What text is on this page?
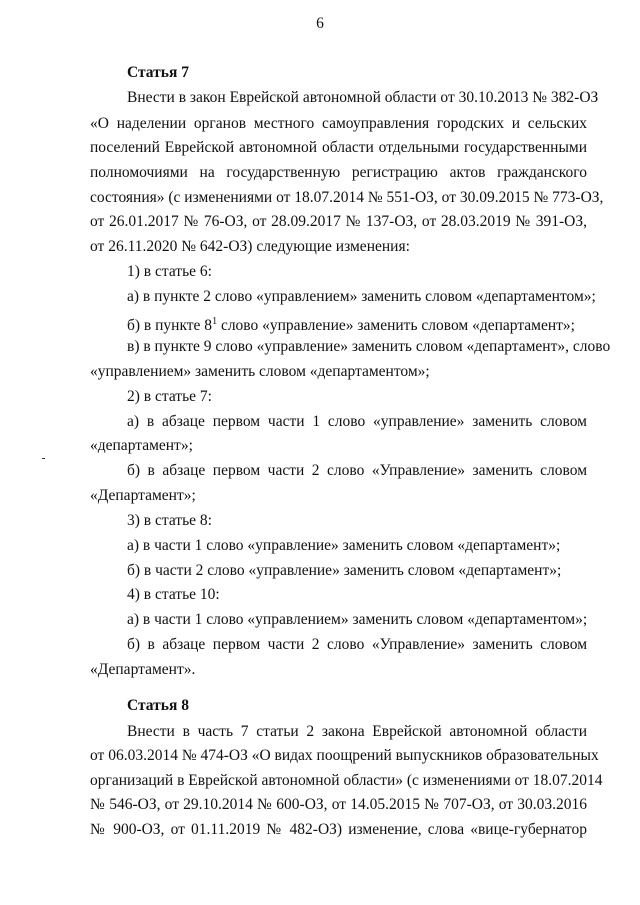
6
Статья 7
Внести в закон Еврейской автономной области от 30.10.2013 № 382-ОЗ
«О наделении органов местного самоуправления городских и сельских
поселений Еврейской автономной области отдельными государственными
полномочиями на государственную регистрацию актов гражданского
состояния» (с изменениями от 18.07.2014 № 551-ОЗ, от 30.09.2015 № 773-ОЗ,
от 26.01.2017 № 76-ОЗ, от 28.09.2017 № 137-ОЗ, от 28.03.2019 № 391-ОЗ,
от 26.11.2020 № 642-ОЗ) следующие изменения:
1) в статье 6:
а) в пункте 2 слово «управлением» заменить словом «департаментом»;
б) в пункте $8^1$ слово «управление» заменить словом «департамент»;
в) в пункте 9 слово «управление» заменить словом «департамент», слово
«управлением» заменить словом «департаментом»;
2) в статье 7:
а) в абзаце первом части 1 слово «управление» заменить словом
«департамент»;
б) в абзаце первом части 2 слово «Управление» заменить словом
«Департамент»;
3) в статье 8:
а) в части 1 слово «управление» заменить словом «департамент»;
б) в части 2 слово «управление» заменить словом «департамент»;
4) в статье 10:
а) в части 1 слово «управлением» заменить словом «департаментом»;
б) в абзаце первом части 2 слово «Управление» заменить словом
«Департамент».
Статья 8
Внести в часть 7 статьи 2 закона Еврейской автономной области
от 06.03.2014 № 474-ОЗ «О видах поощрений выпускников образовательных
организаций в Еврейской автономной области» (с изменениями от 18.07.2014
№ 546-ОЗ, от 29.10.2014 № 600-ОЗ, от 14.05.2015 № 707-ОЗ, от 30.03.2016
№ 900-ОЗ, от 01.11.2019 № 482-ОЗ) изменение, слова «вице-губернатор
